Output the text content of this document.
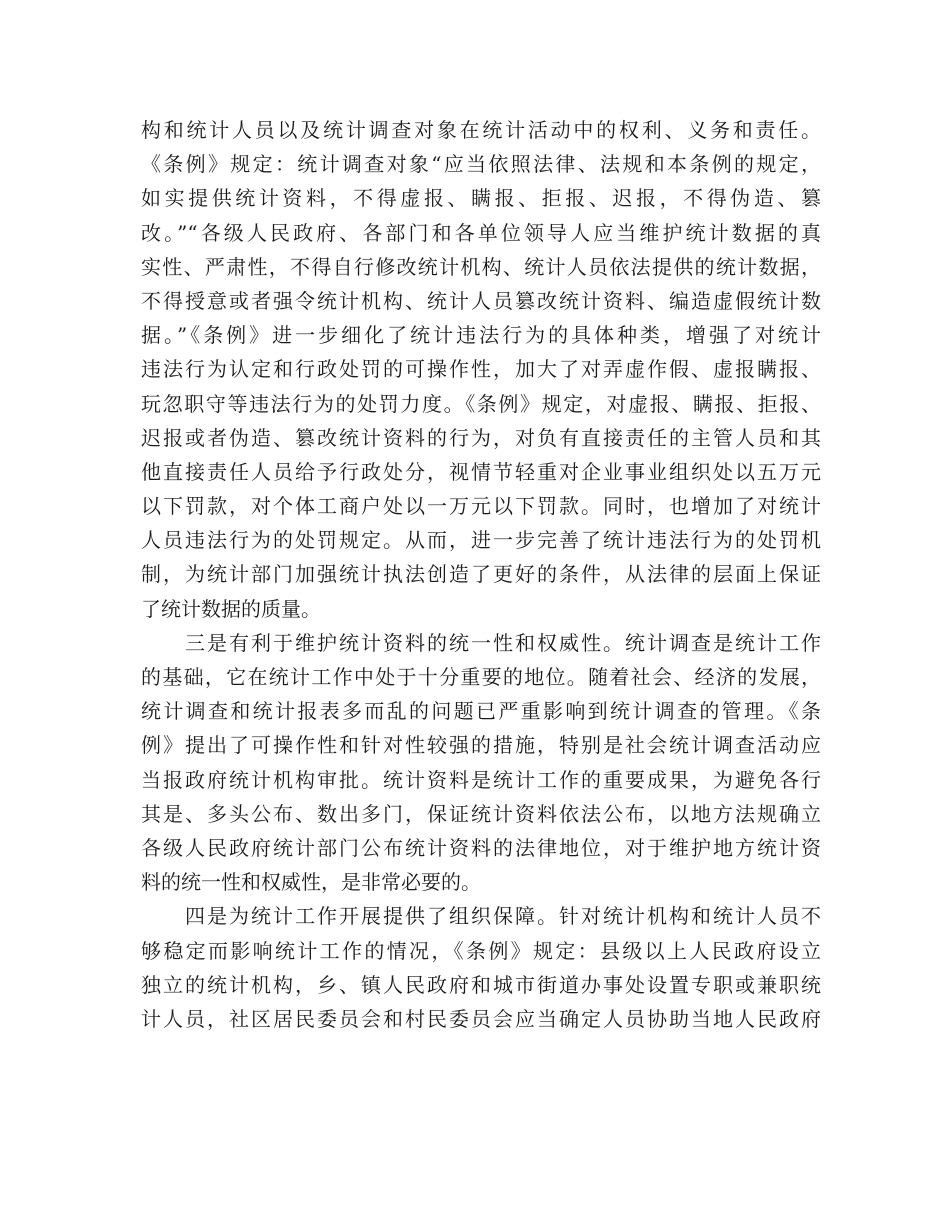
构和统计人员以及统计调查对象在统计活动中的权利、义务和责任。
《条例》规定：统计调查对象“应当依照法律、法规和本条例的规定，
如实提供统计资料，不得虚报、瞒报、拒报、迟报，不得伪造、篡
改。”“各级人民政府、各部门和各单位领导人应当维护统计数据的真
实性、严肃性，不得自行修改统计机构、统计人员依法提供的统计数据，
不得授意或者强令统计机构、统计人员篡改统计资料、编造虚假统计数
据。”《条例》进一步细化了统计违法行为的具体种类，增强了对统计
违法行为认定和行政处罚的可操作性，加大了对弄虚作假、虚报瞒报、
玩忽职守等违法行为的处罚力度。《条例》规定，对虚报、瞒报、拒报、
迟报或者伪造、篡改统计资料的行为，对负有直接责任的主管人员和其
他直接责任人员给予行政处分，视情节轻重对企业事业组织处以五万元
以下罚款，对个体工商户处以一万元以下罚款。同时，也增加了对统计
人员违法行为的处罚规定。从而，进一步完善了统计违法行为的处罚机
制，为统计部门加强统计执法创造了更好的条件，从法律的层面上保证
了统计数据的质量。
　　三是有利于维护统计资料的统一性和权威性。统计调查是统计工作
的基础，它在统计工作中处于十分重要的地位。随着社会、经济的发展，
统计调查和统计报表多而乱的问题已严重影响到统计调查的管理。《条
例》提出了可操作性和针对性较强的措施，特别是社会统计调查活动应
当报政府统计机构审批。统计资料是统计工作的重要成果，为避免各行
其是、多头公布、数出多门，保证统计资料依法公布，以地方法规确立
各级人民政府统计部门公布统计资料的法律地位，对于维护地方统计资
料的统一性和权威性，是非常必要的。
　　四是为统计工作开展提供了组织保障。针对统计机构和统计人员不
够稳定而影响统计工作的情况，《条例》规定：县级以上人民政府设立
独立的统计机构，乡、镇人民政府和城市街道办事处设置专职或兼职统
计人员，社区居民委员会和村民委员会应当确定人员协助当地人民政府
